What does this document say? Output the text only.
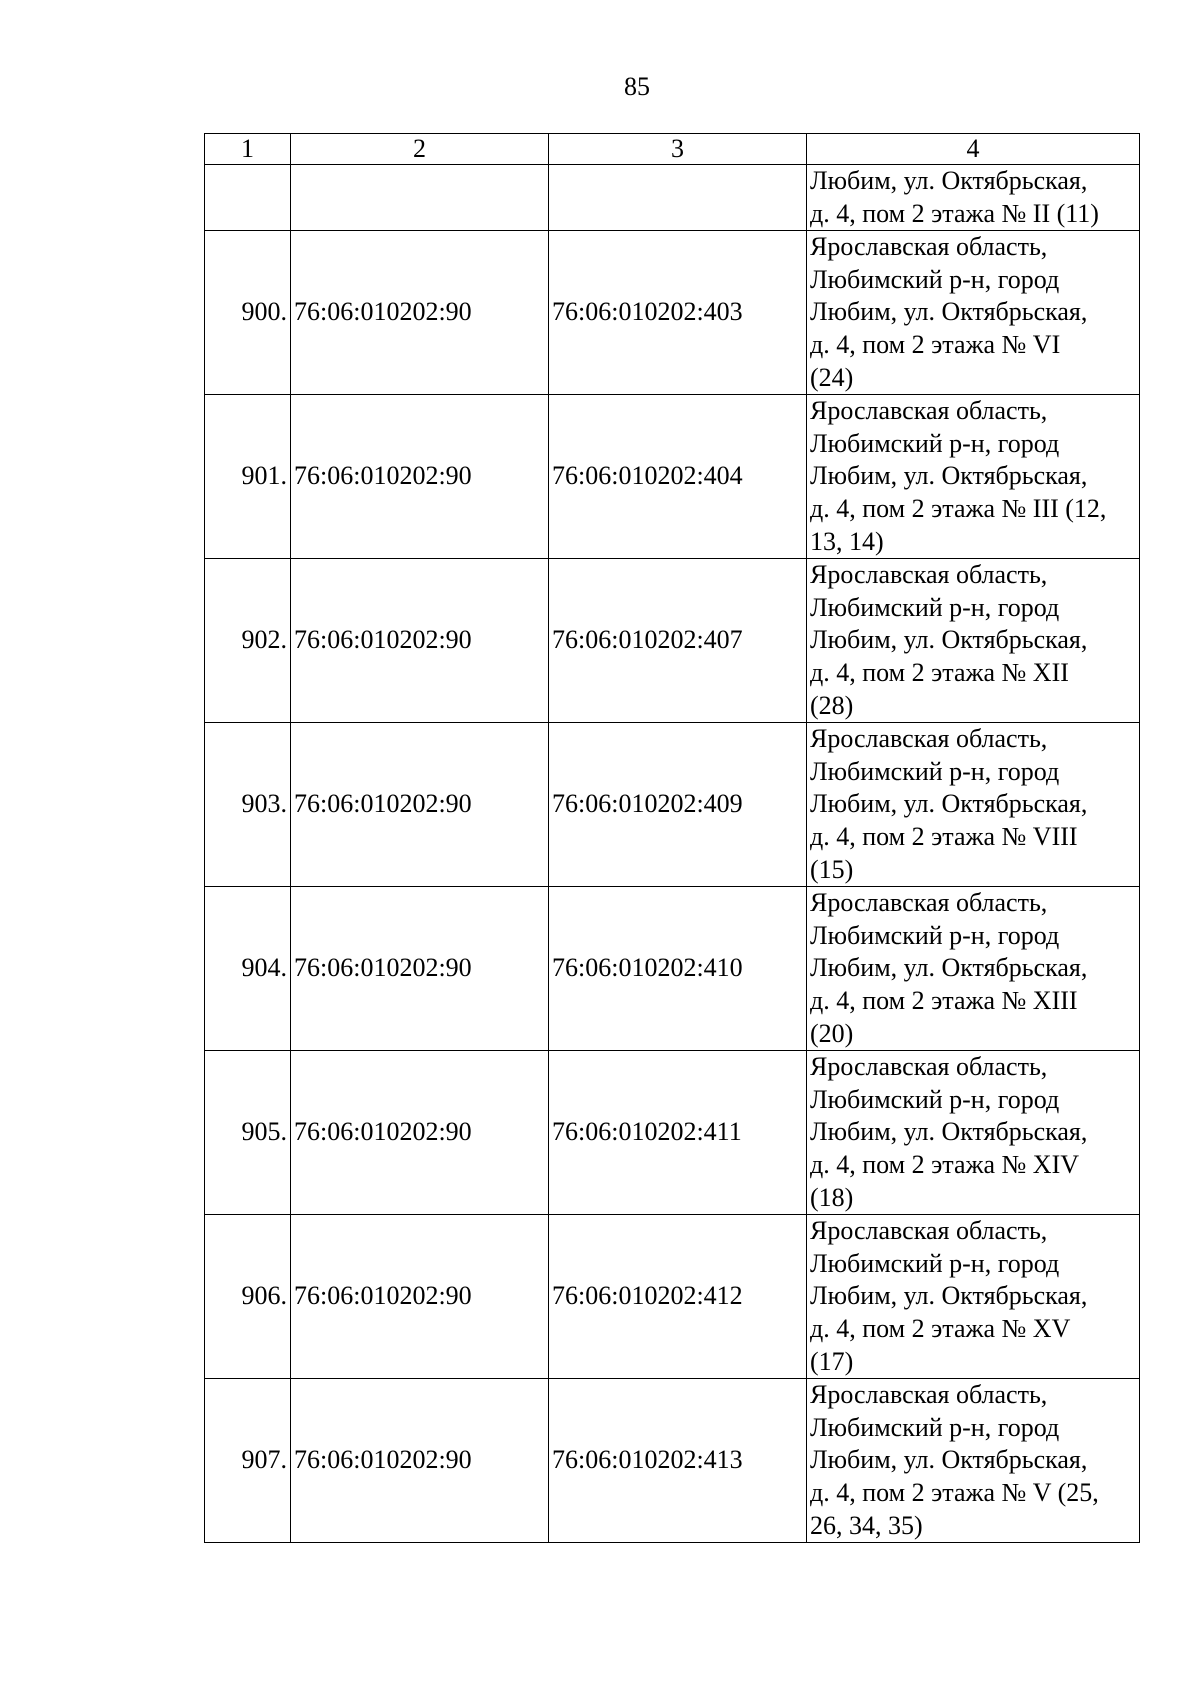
85
1	2	3	4

			Любим, ул. Октябрьская,
д. 4, пом 2 этажа № II (11)

900.	76:06:010202:90	76:06:010202:403	Ярославская область,
Любимский р-н, город
Любим, ул. Октябрьская,
д. 4, пом 2 этажа № VI
(24)

901.	76:06:010202:90	76:06:010202:404	Ярославская область,
Любимский р-н, город
Любим, ул. Октябрьская,
д. 4, пом 2 этажа № III (12,
13, 14)

902.	76:06:010202:90	76:06:010202:407	Ярославская область,
Любимский р-н, город
Любим, ул. Октябрьская,
д. 4, пом 2 этажа № XII
(28)

903.	76:06:010202:90	76:06:010202:409	Ярославская область,
Любимский р-н, город
Любим, ул. Октябрьская,
д. 4, пом 2 этажа № VIII
(15)

904.	76:06:010202:90	76:06:010202:410	Ярославская область,
Любимский р-н, город
Любим, ул. Октябрьская,
д. 4, пом 2 этажа № XIII
(20)

905.	76:06:010202:90	76:06:010202:411	Ярославская область,
Любимский р-н, город
Любим, ул. Октябрьская,
д. 4, пом 2 этажа № XIV
(18)

906.	76:06:010202:90	76:06:010202:412	Ярославская область,
Любимский р-н, город
Любим, ул. Октябрьская,
д. 4, пом 2 этажа № XV
(17)

907.	76:06:010202:90	76:06:010202:413	Ярославская область,
Любимский р-н, город
Любим, ул. Октябрьская,
д. 4, пом 2 этажа № V (25,
26, 34, 35)
